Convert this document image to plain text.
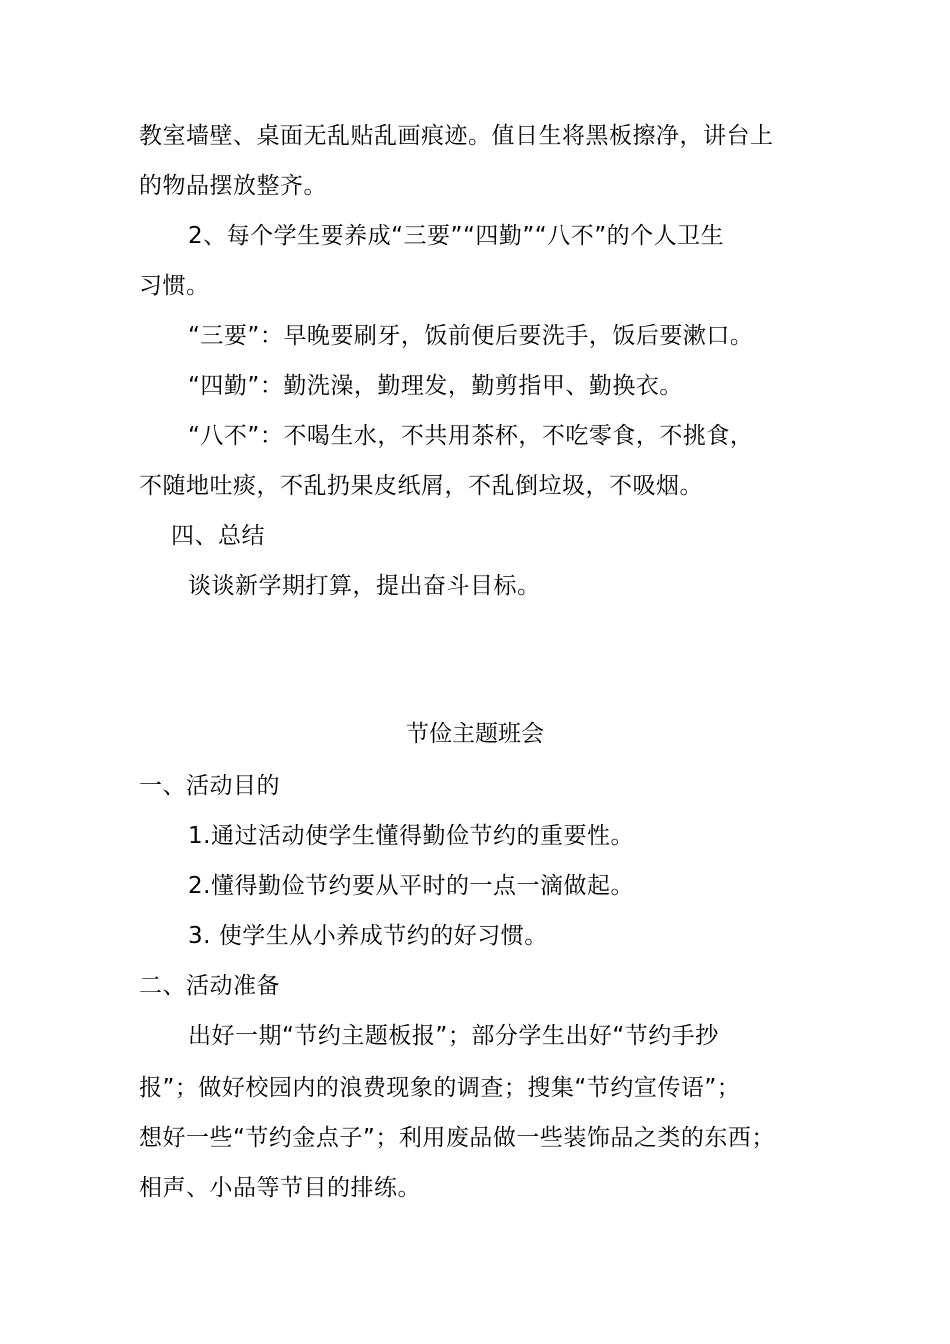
教室墙壁、桌面无乱贴乱画痕迹。值日生将黑板擦净，讲台上
的物品摆放整齐。
2、每个学生要养成“三要”“四勤”“八不”的个人卫生
习惯。
“三要”：早晚要刷牙，饭前便后要洗手，饭后要漱口。
“四勤”：勤洗澡，勤理发，勤剪指甲、勤换衣。
“八不”：不喝生水，不共用茶杯，不吃零食，不挑食，
不随地吐痰，不乱扔果皮纸屑，不乱倒垃圾，不吸烟。
四、总结
谈谈新学期打算，提出奋斗目标。
节俭主题班会
一、活动目的
1.通过活动使学生懂得勤俭节约的重要性。
2.懂得勤俭节约要从平时的一点一滴做起。
3. 使学生从小养成节约的好习惯。
二、活动准备
出好一期“节约主题板报”；部分学生出好“节约手抄
报”；做好校园内的浪费现象的调查；搜集“节约宣传语”；
想好一些“节约金点子”；利用废品做一些装饰品之类的东西；
相声、小品等节目的排练。
